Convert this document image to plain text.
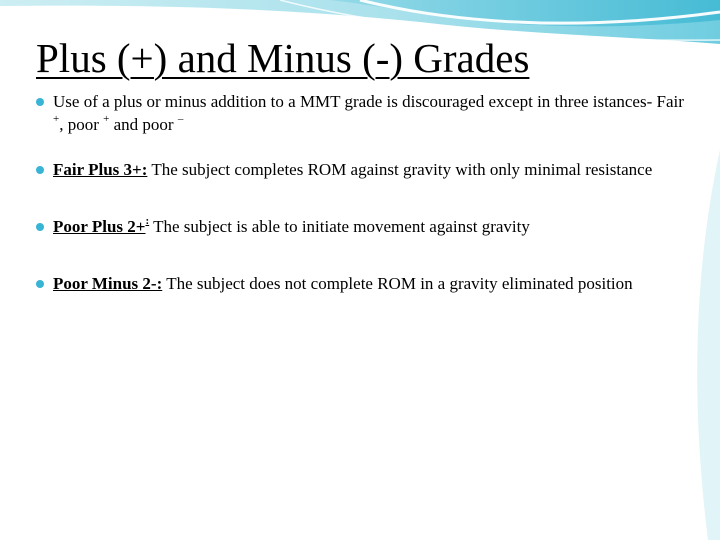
Plus (+) and Minus (-) Grades
Use of a plus or minus addition to a MMT grade is discouraged except in three istances- Fair +, poor + and poor –
Fair Plus 3+: The subject completes ROM against gravity with only minimal resistance
Poor Plus 2+: The subject is able to initiate movement against gravity
Poor Minus 2-: The subject does not complete ROM in a gravity eliminated position
